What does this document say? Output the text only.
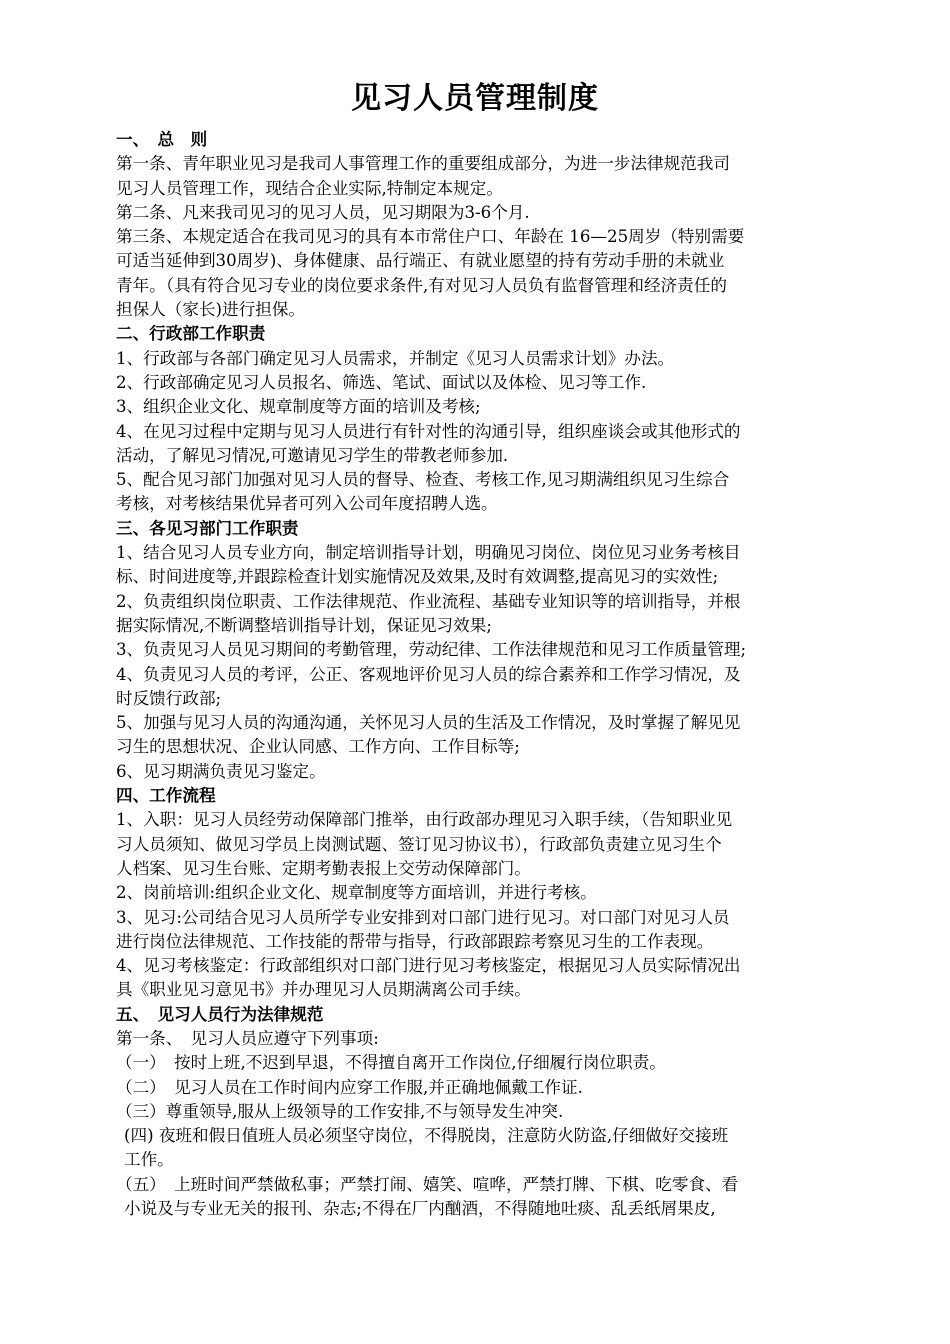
见习人员管理制度
一、　总　则
第一条、青年职业见习是我司人事管理工作的重要组成部分，为进一步法律规范我司
见习人员管理工作，现结合企业实际,特制定本规定。
第二条、凡来我司见习的见习人员，见习期限为3-6个月.
第三条、本规定适合在我司见习的具有本市常住户口、年龄在 16—25周岁（特别需要
可适当延伸到30周岁)、身体健康、品行端正、有就业愿望的持有劳动手册的未就业
青年。（具有符合见习专业的岗位要求条件,有对见习人员负有监督管理和经济责任的
担保人（家长)进行担保。
二、行政部工作职责
1、行政部与各部门确定见习人员需求，并制定《见习人员需求计划》办法。
2、行政部确定见习人员报名、筛选、笔试、面试以及体检、见习等工作.
3、组织企业文化、规章制度等方面的培训及考核;
4、在见习过程中定期与见习人员进行有针对性的沟通引导，组织座谈会或其他形式的
活动，了解见习情况,可邀请见习学生的带教老师参加.
5、配合见习部门加强对见习人员的督导、检查、考核工作,见习期满组织见习生综合
考核，对考核结果优异者可列入公司年度招聘人选。
三、各见习部门工作职责
1、结合见习人员专业方向，制定培训指导计划，明确见习岗位、岗位见习业务考核目
标、时间进度等,并跟踪检查计划实施情况及效果,及时有效调整,提高见习的实效性;
2、负责组织岗位职责、工作法律规范、作业流程、基础专业知识等的培训指导，并根
据实际情况,不断调整培训指导计划，保证见习效果;
3、负责见习人员见习期间的考勤管理，劳动纪律、工作法律规范和见习工作质量管理;
4、负责见习人员的考评，公正、客观地评价见习人员的综合素养和工作学习情况，及
时反馈行政部;
5、加强与见习人员的沟通沟通，关怀见习人员的生活及工作情况，及时掌握了解见见
习生的思想状况、企业认同感、工作方向、工作目标等;
6、见习期满负责见习鉴定。
四、工作流程
1、入职：见习人员经劳动保障部门推举，由行政部办理见习入职手续，（告知职业见
习人员须知、做见习学员上岗测试题、签订见习协议书），行政部负责建立见习生个
人档案、见习生台账、定期考勤表报上交劳动保障部门。
2、岗前培训:组织企业文化、规章制度等方面培训，并进行考核。
3、见习:公司结合见习人员所学专业安排到对口部门进行见习。对口部门对见习人员
进行岗位法律规范、工作技能的帮带与指导，行政部跟踪考察见习生的工作表现。
4、见习考核鉴定：行政部组织对口部门进行见习考核鉴定，根据见习人员实际情况出
具《职业见习意见书》并办理见习人员期满离公司手续。
五、　见习人员行为法律规范
第一条、　见习人员应遵守下列事项:
（一）　按时上班,不迟到早退，不得擅自离开工作岗位,仔细履行岗位职责。
（二）　见习人员在工作时间内应穿工作服,并正确地佩戴工作证.
（三）尊重领导,服从上级领导的工作安排,不与领导发生冲突.
(四) 夜班和假日值班人员必须坚守岗位，不得脱岗，注意防火防盗,仔细做好交接班
工作。
（五）　上班时间严禁做私事；严禁打闹、嬉笑、喧哗，严禁打牌、下棋、吃零食、看
小说及与专业无关的报刊、杂志;不得在厂内酗酒，不得随地吐痰、乱丢纸屑果皮,
